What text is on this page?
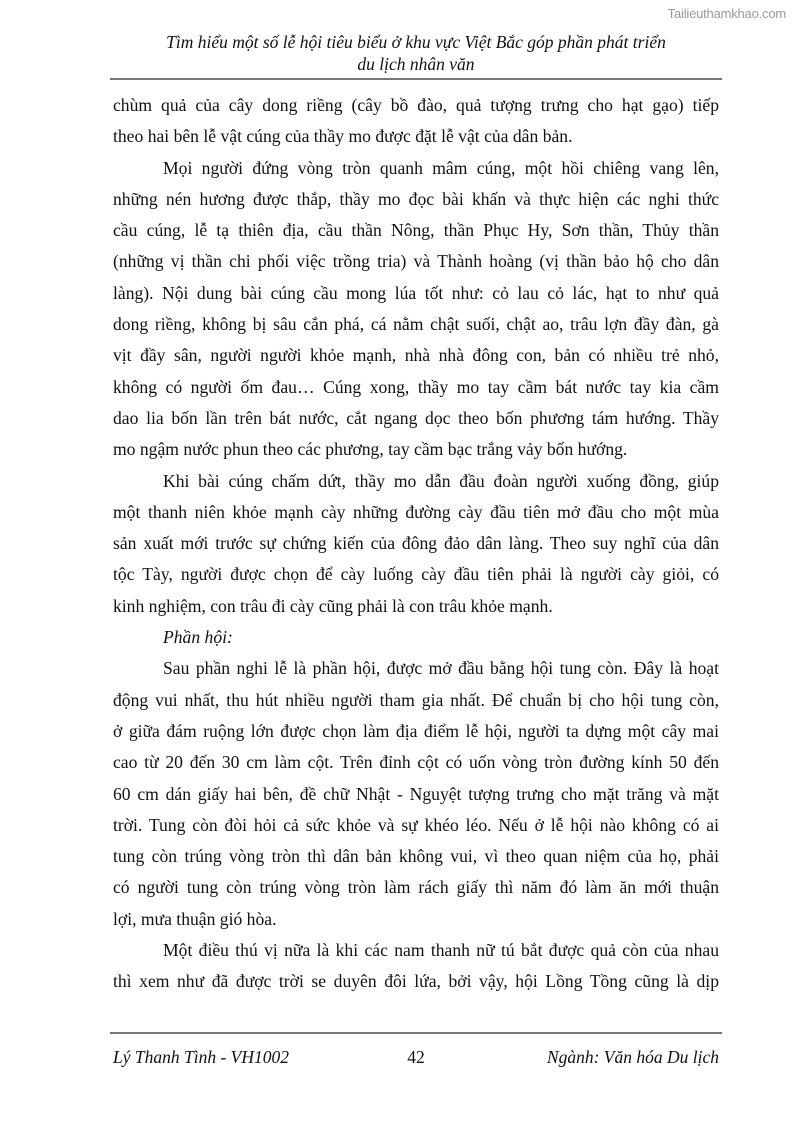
Tailieuthamkhao.com
Tìm hiểu một số lễ hội tiêu biểu ở khu vực Việt Bắc góp phần phát triển
du lịch nhân văn
chùm quả của cây dong riềng (cây bồ đào, quả tượng trưng cho hạt gạo) tiếp
theo hai bên lễ vật cúng của thầy mo được đặt lễ vật của dân bản.
Mọi người đứng vòng tròn quanh mâm cúng, một hồi chiêng vang lên,
những nén hương được thắp, thầy mo đọc bài khấn và thực hiện các nghi thức
cầu cúng, lễ tạ thiên địa, cầu thần Nông, thần Phục Hy, Sơn thần, Thủy thần
(những vị thần chi phối việc trồng tria) và Thành hoàng (vị thần bảo hộ cho dân
làng). Nội dung bài cúng cầu mong lúa tốt như: cỏ lau cỏ lác, hạt to như quả
dong riềng, không bị sâu cắn phá, cá nằm chật suối, chật ao, trâu lợn đầy đàn, gà
vịt đầy sân, người người khỏe mạnh, nhà nhà đông con, bản có nhiều trẻ nhỏ,
không có người ốm đau… Cúng xong, thầy mo tay cầm bát nước tay kia cầm
dao lia bốn lần trên bát nước, cắt ngang dọc theo bốn phương tám hướng. Thầy
mo ngậm nước phun theo các phương, tay cầm bạc trắng vảy bốn hướng.
Khi bài cúng chấm dứt, thầy mo dẫn đầu đoàn người xuống đồng, giúp
một thanh niên khỏe mạnh cày những đường cày đầu tiên mở đầu cho một mùa
sản xuất mới trước sự chứng kiến của đông đảo dân làng. Theo suy nghĩ của dân
tộc Tày, người được chọn để cày luống cày đầu tiên phải là người cày giỏi, có
kinh nghiệm, con trâu đi cày cũng phải là con trâu khỏe mạnh.
Phần hội:
Sau phần nghi lễ là phần hội, được mở đầu bằng hội tung còn. Đây là hoạt
động vui nhất, thu hút nhiều người tham gia nhất. Để chuẩn bị cho hội tung còn,
ở giữa đám ruộng lớn được chọn làm địa điểm lễ hội, người ta dựng một cây mai
cao từ 20 đến 30 cm làm cột. Trên đỉnh cột có uốn vòng tròn đường kính 50 đến
60 cm dán giấy hai bên, đề chữ Nhật - Nguyệt tượng trưng cho mặt trăng và mặt
trời. Tung còn đòi hỏi cả sức khỏe và sự khéo léo. Nếu ở lễ hội nào không có ai
tung còn trúng vòng tròn thì dân bản không vui, vì theo quan niệm của họ, phải
có người tung còn trúng vòng tròn làm rách giấy thì năm đó làm ăn mới thuận
lợi, mưa thuận gió hòa.
Một điều thú vị nữa là khi các nam thanh nữ tú bắt được quả còn của nhau
thì xem như đã được trời se duyên đôi lứa, bởi vậy, hội Lồng Tồng cũng là dịp
Lý Thanh Tình - VH1002	42	Ngành: Văn hóa Du lịch
